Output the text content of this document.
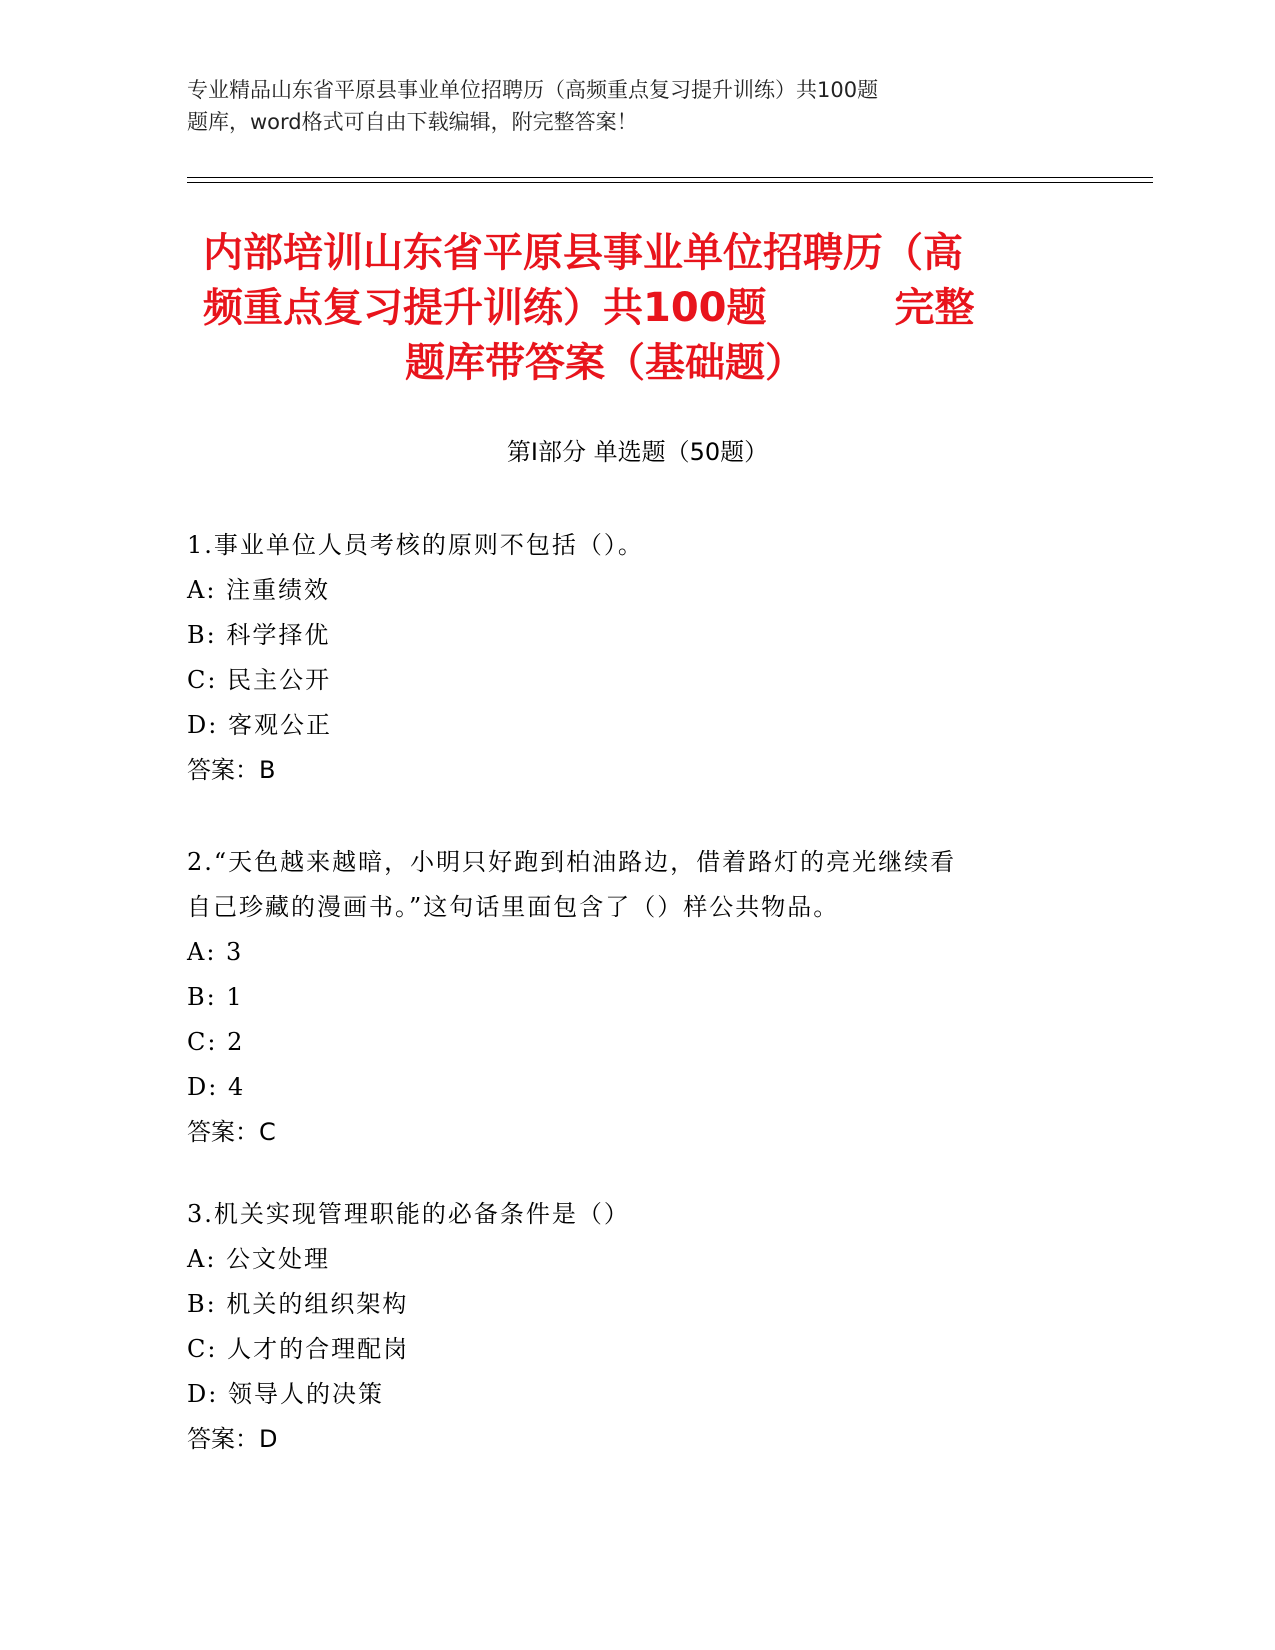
专业精品山东省平原县事业单位招聘历（高频重点复习提升训练）共100题
题库，word格式可自由下载编辑，附完整答案！
内部培训山东省平原县事业单位招聘历（高
频重点复习提升训练）共100题	完整
题库带答案（基础题）
第Ⅰ部分 单选题（50题）
1.事业单位人员考核的原则不包括（）。
A: 注重绩效
B: 科学择优
C: 民主公开
D: 客观公正
答案：B
2.“天色越来越暗，小明只好跑到柏油路边，借着路灯的亮光继续看
自己珍藏的漫画书。”这句话里面包含了（）样公共物品。
A: 3
B: 1
C: 2
D: 4
答案：C
3.机关实现管理职能的必备条件是（）
A: 公文处理
B: 机关的组织架构
C: 人才的合理配岗
D: 领导人的决策
答案：D
